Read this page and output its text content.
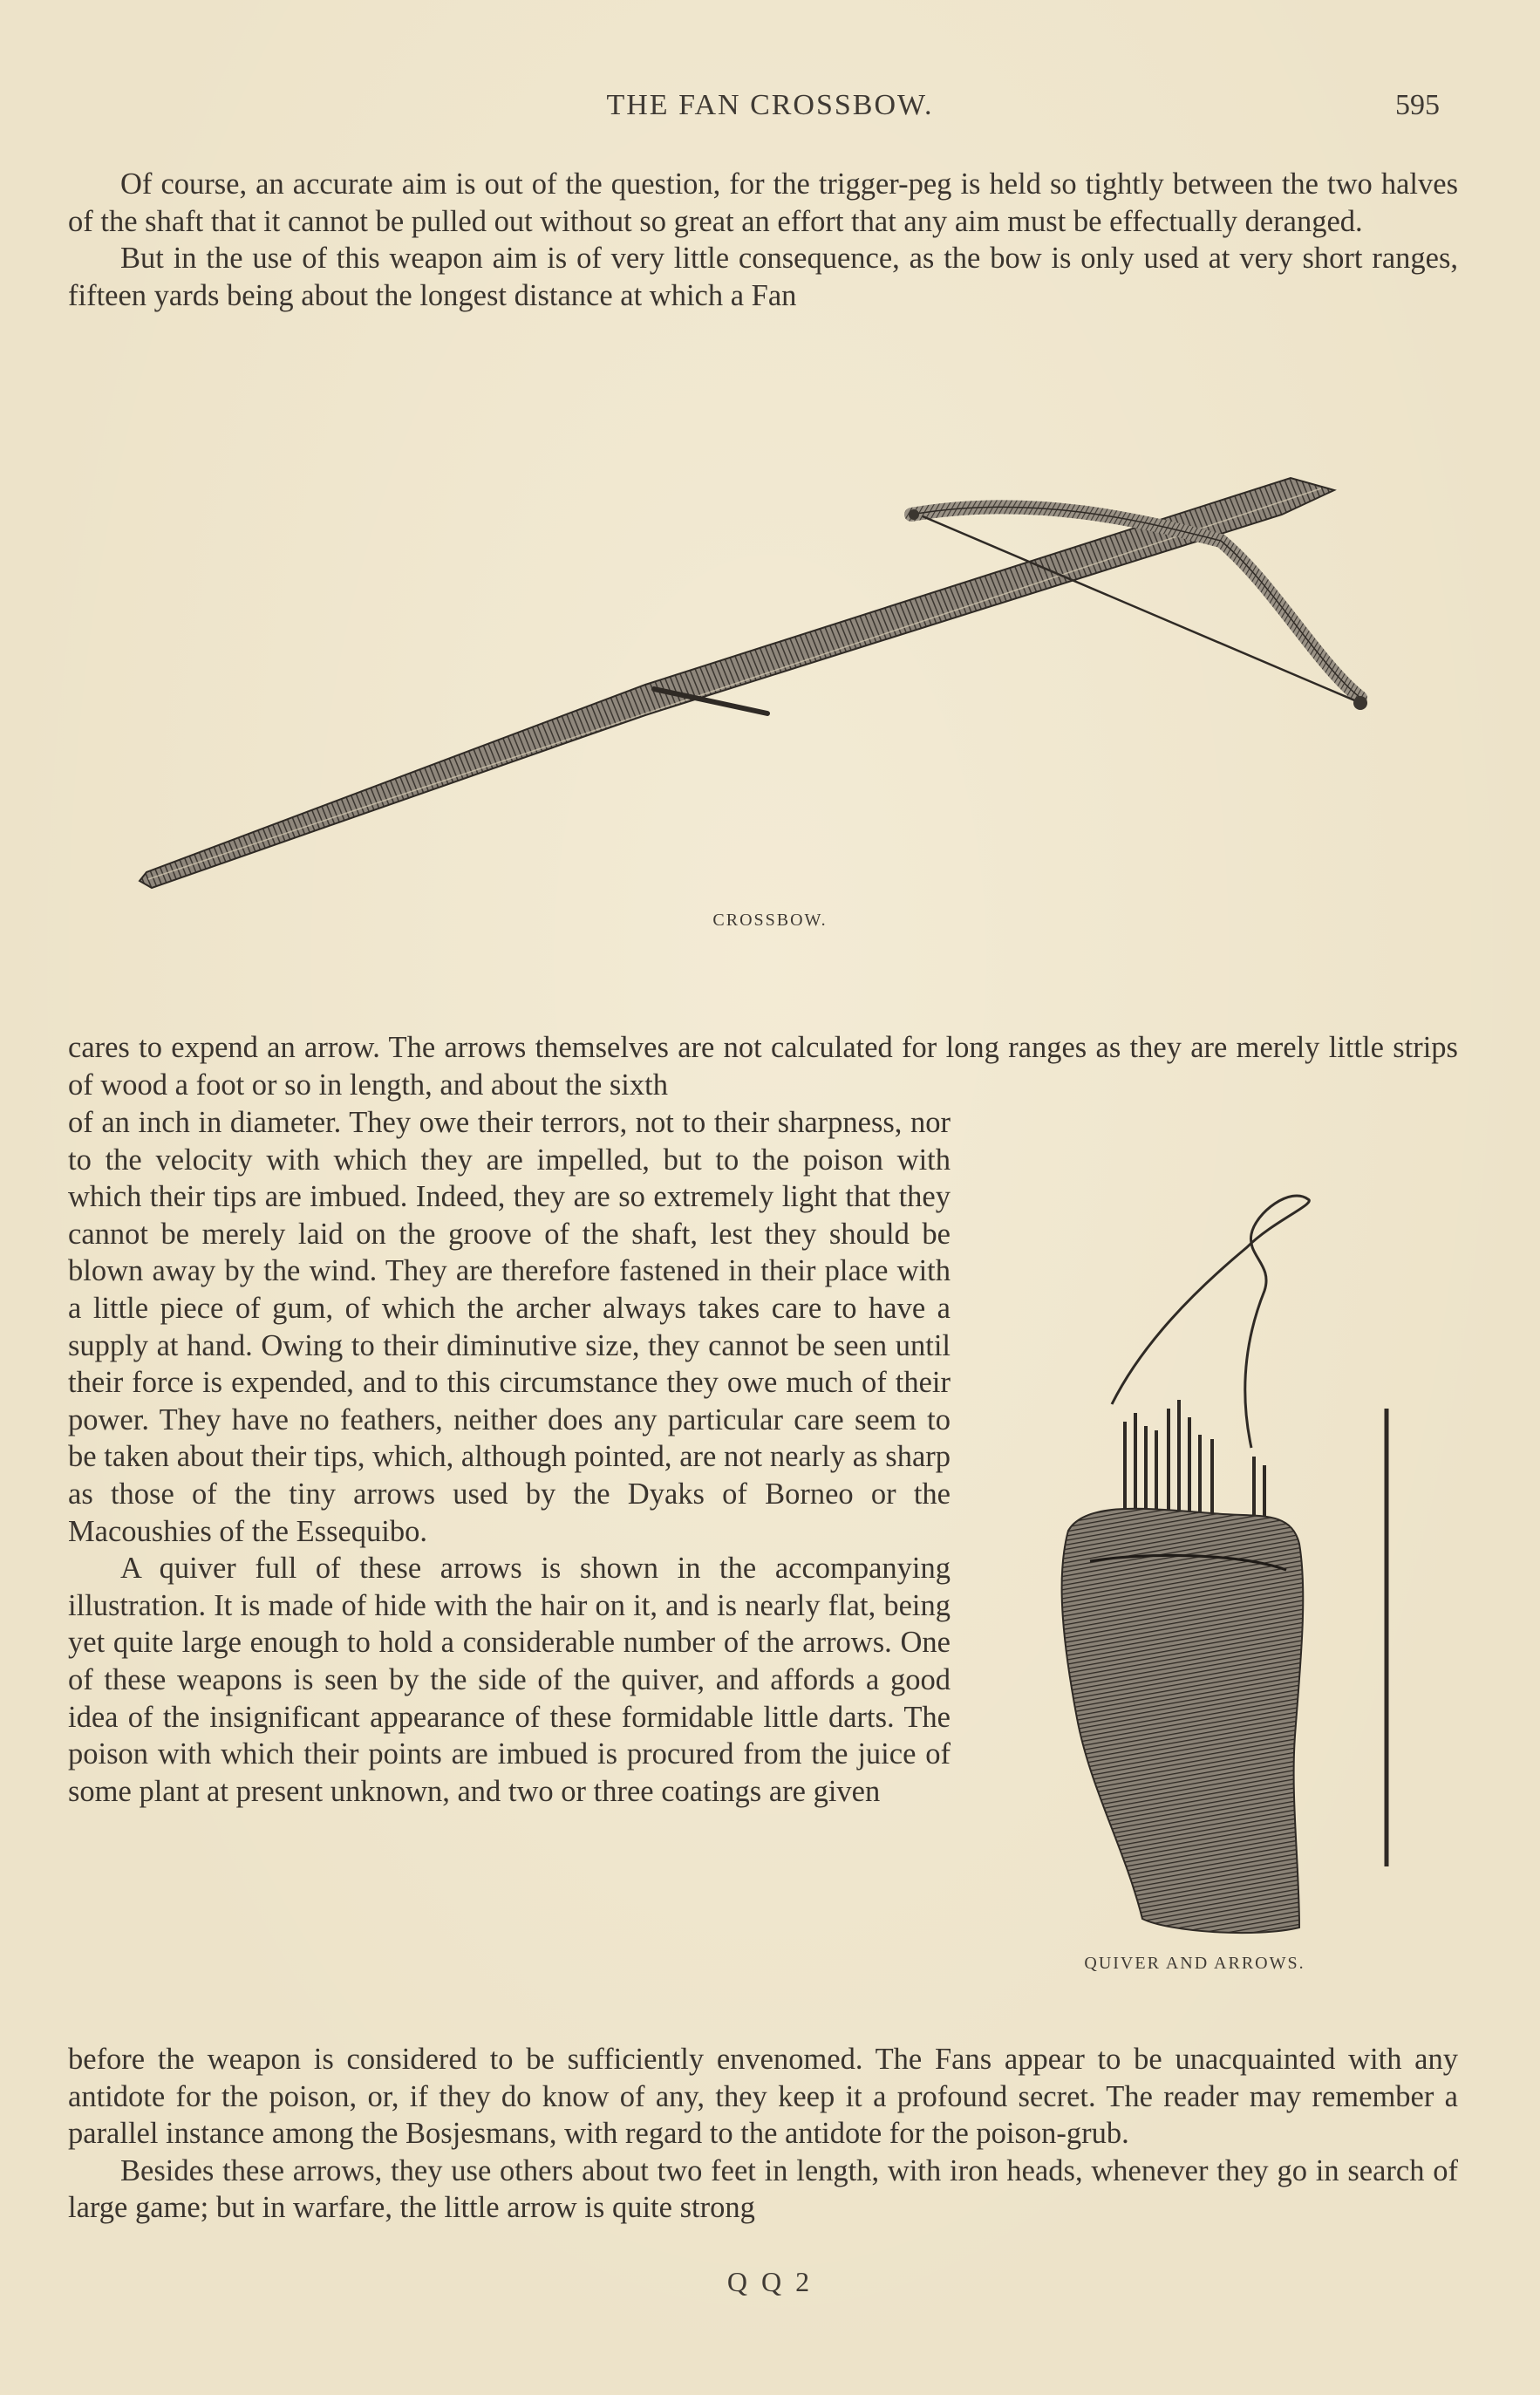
THE FAN CROSSBOW.	595

Of course, an accurate aim is out of the question, for the trigger-peg is held so tightly between the two halves of the shaft that it cannot be pulled out without so great an effort that any aim must be effectually deranged.

But in the use of this weapon aim is of very little consequence, as the bow is only used at very short ranges, fifteen yards being about the longest distance at which a Fan

CROSSBOW.

cares to expend an arrow. The arrows themselves are not calculated for long ranges as they are merely little strips of wood a foot or so in length, and about the sixth

of an inch in diameter. They owe their terrors, not to their sharpness, nor to the velocity with which they are impelled, but to the poison with which their tips are imbued. Indeed, they are so extremely light that they cannot be merely laid on the groove of the shaft, lest they should be blown away by the wind. They are therefore fastened in their place with a little piece of gum, of which the archer always takes care to have a supply at hand. Owing to their diminutive size, they cannot be seen until their force is expended, and to this circumstance they owe much of their power. They have no feathers, neither does any particular care seem to be taken about their tips, which, although pointed, are not nearly as sharp as those of the tiny arrows used by the Dyaks of Borneo or the Macoushies of the Essequibo.

A quiver full of these arrows is shown in the accompanying illustration. It is made of hide with the hair on it, and is nearly flat, being yet quite large enough to hold a considerable number of the arrows. One of these weapons is seen by the side of the quiver, and affords a good idea of the insignificant appearance of these formidable little darts. The poison with which their points are imbued is procured from the juice of some plant at present unknown, and two or three coatings are given

QUIVER AND ARROWS.

before the weapon is considered to be sufficiently envenomed. The Fans appear to be unacquainted with any antidote for the poison, or, if they do know of any, they keep it a profound secret. The reader may remember a parallel instance among the Bosjesmans, with regard to the antidote for the poison-grub.

Besides these arrows, they use others about two feet in length, with iron heads, whenever they go in search of large game; but in warfare, the little arrow is quite strong

Q Q 2
